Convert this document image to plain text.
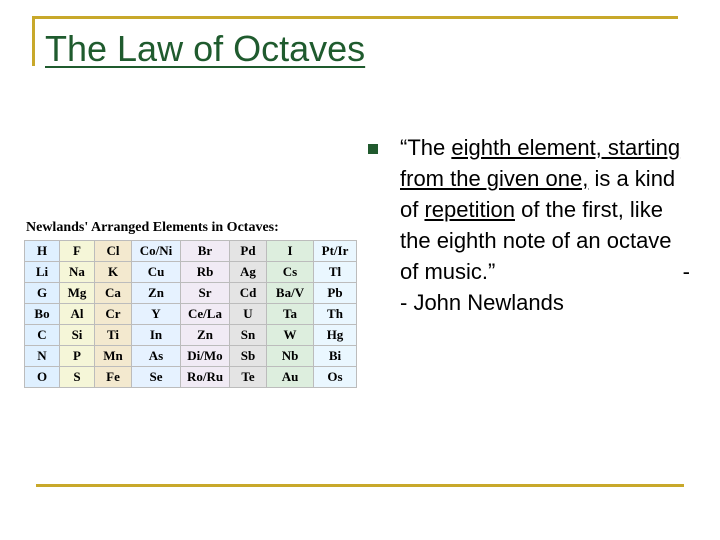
The Law of Octaves
Newlands' Arranged Elements in Octaves:
H	F	Cl	Co/Ni	Br	Pd	I	Pt/Ir
Li	Na	K	Cu	Rb	Ag	Cs	Tl
G	Mg	Ca	Zn	Sr	Cd	Ba/V	Pb
Bo	Al	Cr	Y	Ce/La	U	Ta	Th
C	Si	Ti	In	Zn	Sn	W	Hg
N	P	Mn	As	Di/Mo	Sb	Nb	Bi
O	S	Fe	Se	Ro/Ru	Te	Au	Os
“The eighth element, starting from the given one, is a kind of repetition of the first, like the eighth note of an octave of music.”	-
- John Newlands
